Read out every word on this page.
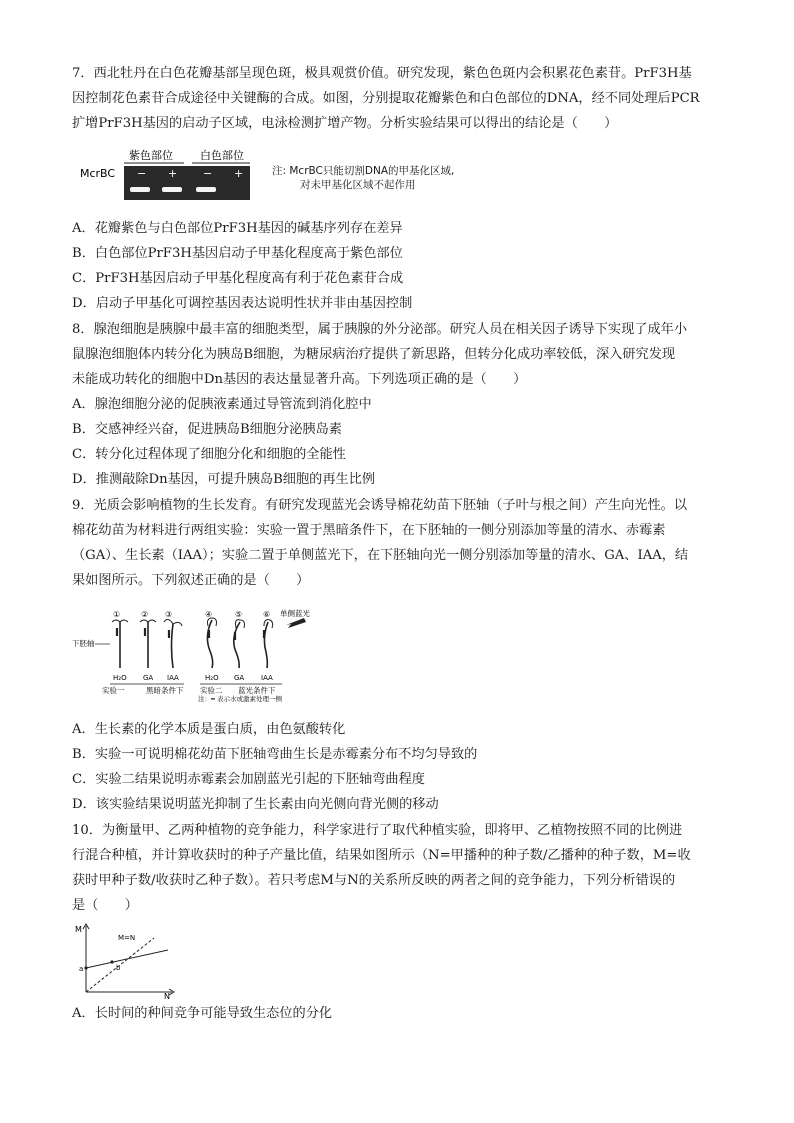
7．西北牡丹在白色花瓣基部呈现色斑，极具观赏价值。研究发现，紫色色斑内会积累花色素苷。PrF3H基
因控制花色素苷合成途径中关键酶的合成。如图，分别提取花瓣紫色和白色部位的DNA，经不同处理后PCR
扩增PrF3H基因的启动子区域，电泳检测扩增产物。分析实验结果可以得出的结论是（　　）
紫色部位 白色部位
McrBC − + − +	注: McrBC只能切割DNA的甲基化区域,
对未甲基化区域不起作用
A．花瓣紫色与白色部位PrF3H基因的碱基序列存在差异
B．白色部位PrF3H基因启动子甲基化程度高于紫色部位
C．PrF3H基因启动子甲基化程度高有利于花色素苷合成
D．启动子甲基化可调控基因表达说明性状并非由基因控制
8．腺泡细胞是胰腺中最丰富的细胞类型，属于胰腺的外分泌部。研究人员在相关因子诱导下实现了成年小
鼠腺泡细胞体内转分化为胰岛B细胞，为糖尿病治疗提供了新思路，但转分化成功率较低，深入研究发现
未能成功转化的细胞中Dn基因的表达量显著升高。下列选项正确的是（　　）
A．腺泡细胞分泌的促胰液素通过导管流到消化腔中
B．交感神经兴奋，促进胰岛B细胞分泌胰岛素
C．转分化过程体现了细胞分化和细胞的全能性
D．推测敲除Dn基因，可提升胰岛B细胞的再生比例
9．光质会影响植物的生长发育。有研究发现蓝光会诱导棉花幼苗下胚轴（子叶与根之间）产生向光性。以
棉花幼苗为材料进行两组实验：实验一置于黑暗条件下，在下胚轴的一侧分别添加等量的清水、赤霉素
（GA）、生长素（IAA）；实验二置于单侧蓝光下，在下胚轴向光一侧分别添加等量的清水、GA、IAA，结
果如图所示。下列叙述正确的是（　　）
下胚轴
①
H₂O
②
GA
③
IAA
④
H₂O
⑤
GA
⑥
IAA
单侧蓝光
实验一	黑暗条件下 实验二 蓝光条件下
注：━ 表示水或激素处理一侧
A．生长素的化学本质是蛋白质，由色氨酸转化
B．实验一可说明棉花幼苗下胚轴弯曲生长是赤霉素分布不均匀导致的
C．实验二结果说明赤霉素会加剧蓝光引起的下胚轴弯曲程度
D．该实验结果说明蓝光抑制了生长素由向光侧向背光侧的移动
10．为衡量甲、乙两种植物的竞争能力，科学家进行了取代种植实验，即将甲、乙植物按照不同的比例进
行混合种植，并计算收获时的种子产量比值，结果如图所示（N=甲播种的种子数/乙播种的种子数，M=收
获时甲种子数/收获时乙种子数）。若只考虑M与N的关系所反映的两者之间的竞争能力，下列分析错误的
是（　　）
M
N
M=N
a	b
A．长时间的种间竞争可能导致生态位的分化
